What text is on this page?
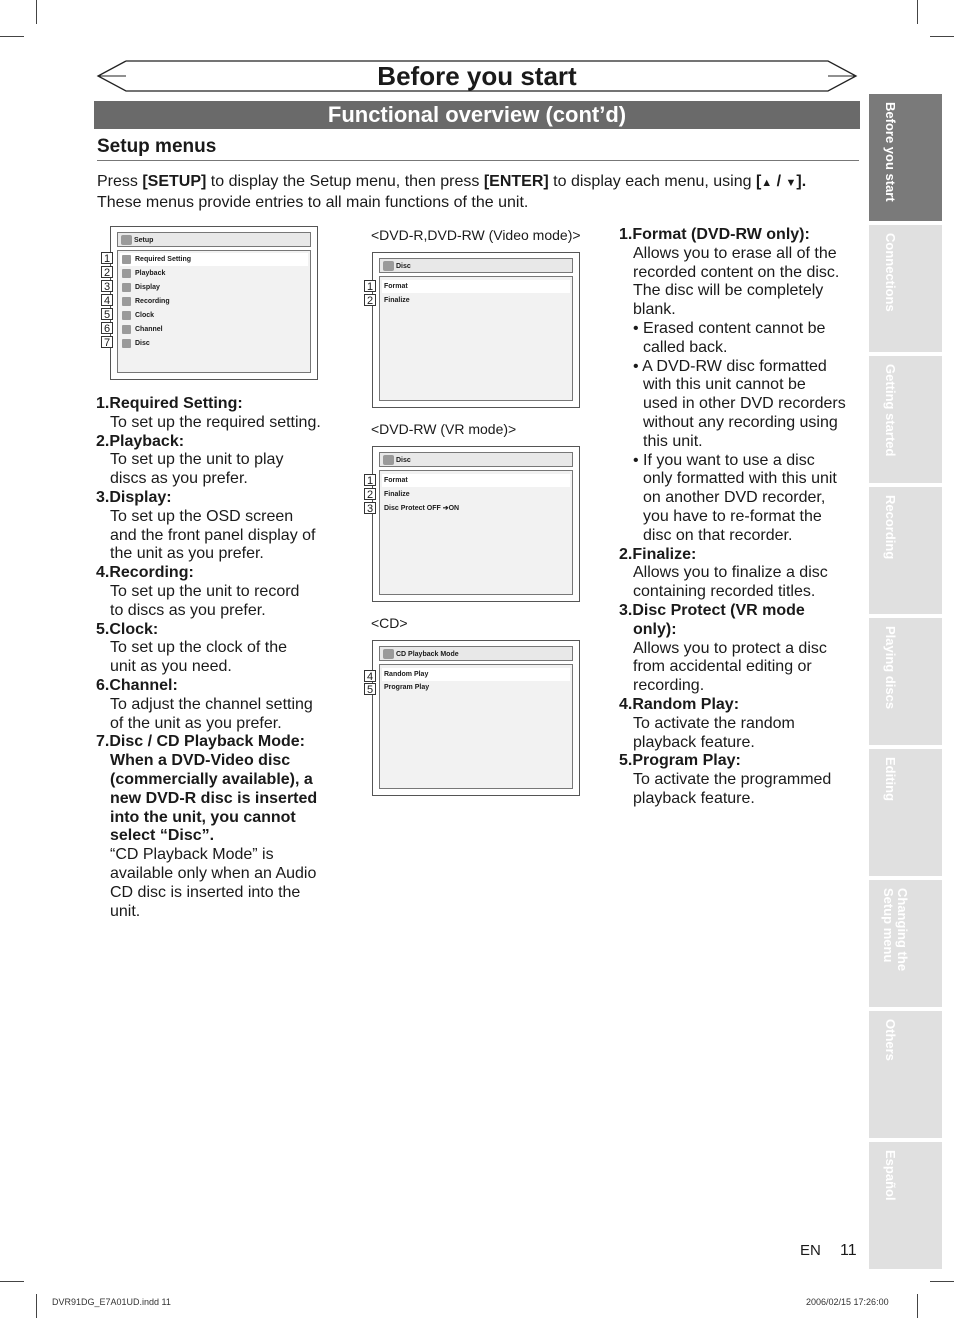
Before you start
Functional overview (cont’d)
Setup menus
Press [SETUP] to display the Setup menu, then press [ENTER] to display each menu, using [▲ / ▼].
These menus provide entries to all main functions of the unit.
Setup
Required Setting
Playback
Display
Recording
Clock
Channel
Disc
1
2
3
4
5
6
7
1.Required Setting:
To set up the required setting.
2.Playback:
To set up the unit to play
discs as you prefer.
3.Display:
To set up the OSD screen
and the front panel display of
the unit as you prefer.
4.Recording:
To set up the unit to record
to discs as you prefer.
5.Clock:
To set up the clock of the
unit as you need.
6.Channel:
To adjust the channel setting
of the unit as you prefer.
7.Disc / CD Playback Mode:
When a DVD-Video disc
(commercially available), a
new DVD-R disc is inserted
into the unit, you cannot
select “Disc”.
“CD Playback Mode” is
available only when an Audio
CD disc is inserted into the
unit.
<DVD-R,DVD-RW (Video mode)>
Disc
Format
Finalize
1
2
<DVD-RW (VR mode)>
Disc
Format
Finalize
Disc Protect OFF ➔ON
1
2
3
<CD>
CD Playback Mode
Random Play
Program Play
4
5
1.Format (DVD-RW only):
Allows you to erase all of the
recorded content on the disc.
The disc will be completely
blank.
• Erased content cannot be
called back.
• A DVD-RW disc formatted
with this unit cannot be
used in other DVD recorders
without any recording using
this unit.
• If you want to use a disc
only formatted with this unit
on another DVD recorder,
you have to re-format the
disc on that recorder.
2.Finalize:
Allows you to finalize a disc
containing recorded titles.
3.Disc Protect (VR mode
only):
Allows you to protect a disc
from accidental editing or
recording.
4.Random Play:
To activate the random
playback feature.
5.Program Play:
To activate the programmed
playback feature.
Before you start
Connections
Getting started
Recording
Playing discs
Editing
Changing the Setup menu
Others
Español
EN 11
DVR91DG_E7A01UD.indd 11	2006/02/15 17:26:00
